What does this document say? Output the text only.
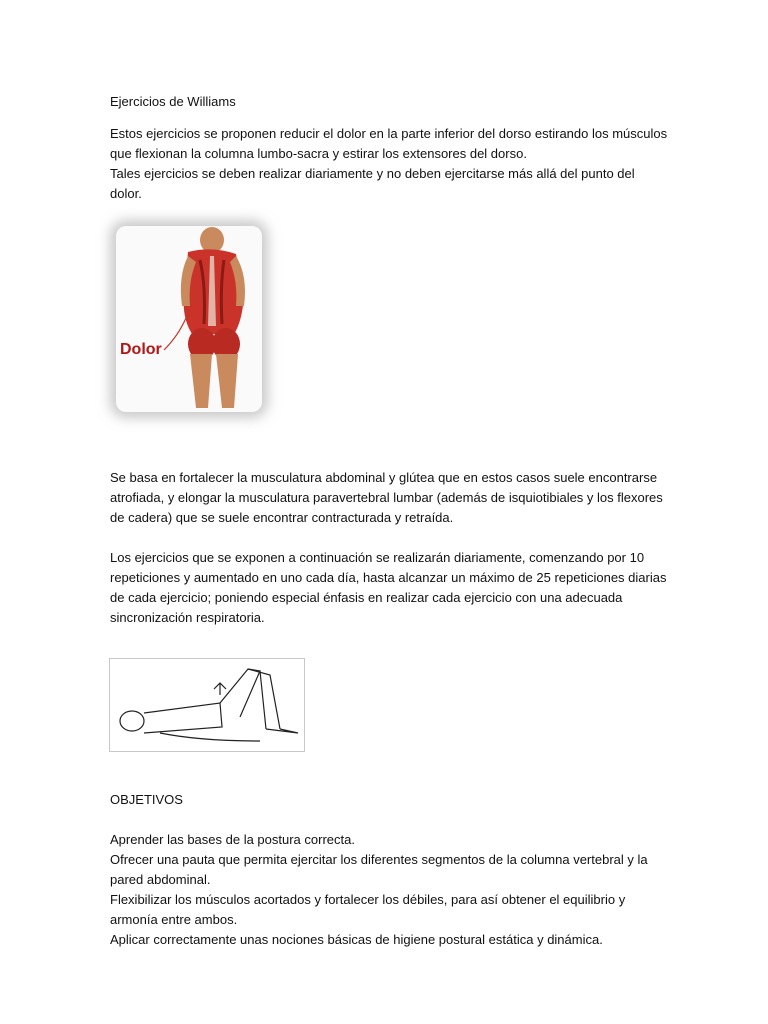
Ejercicios de Williams

Estos ejercicios se proponen reducir el dolor en la parte inferior del dorso estirando los músculos que flexionan la columna lumbo-sacra y estirar los extensores del dorso.

Tales ejercicios se deben realizar diariamente y no deben ejercitarse más allá del punto del dolor.

Dolor

Se basa en fortalecer la musculatura abdominal y glútea que en estos casos suele encontrarse atrofiada, y elongar la musculatura paravertebral lumbar (además de isquiotibiales y los flexores de cadera) que se suele encontrar contracturada y retraída.

Los ejercicios que se exponen a continuación se realizarán diariamente, comenzando por 10 repeticiones y aumentado en uno cada día, hasta alcanzar un máximo de 25 repeticiones diarias de cada ejercicio; poniendo especial énfasis en realizar cada ejercicio con una adecuada sincronización respiratoria.

OBJETIVOS

Aprender las bases de la postura correcta.

Ofrecer una pauta que permita ejercitar los diferentes segmentos de la columna vertebral y la pared abdominal.

Flexibilizar los músculos acortados y fortalecer los débiles, para así obtener el equilibrio y armonía entre ambos.

Aplicar correctamente unas nociones básicas de higiene postural estática y dinámica.
